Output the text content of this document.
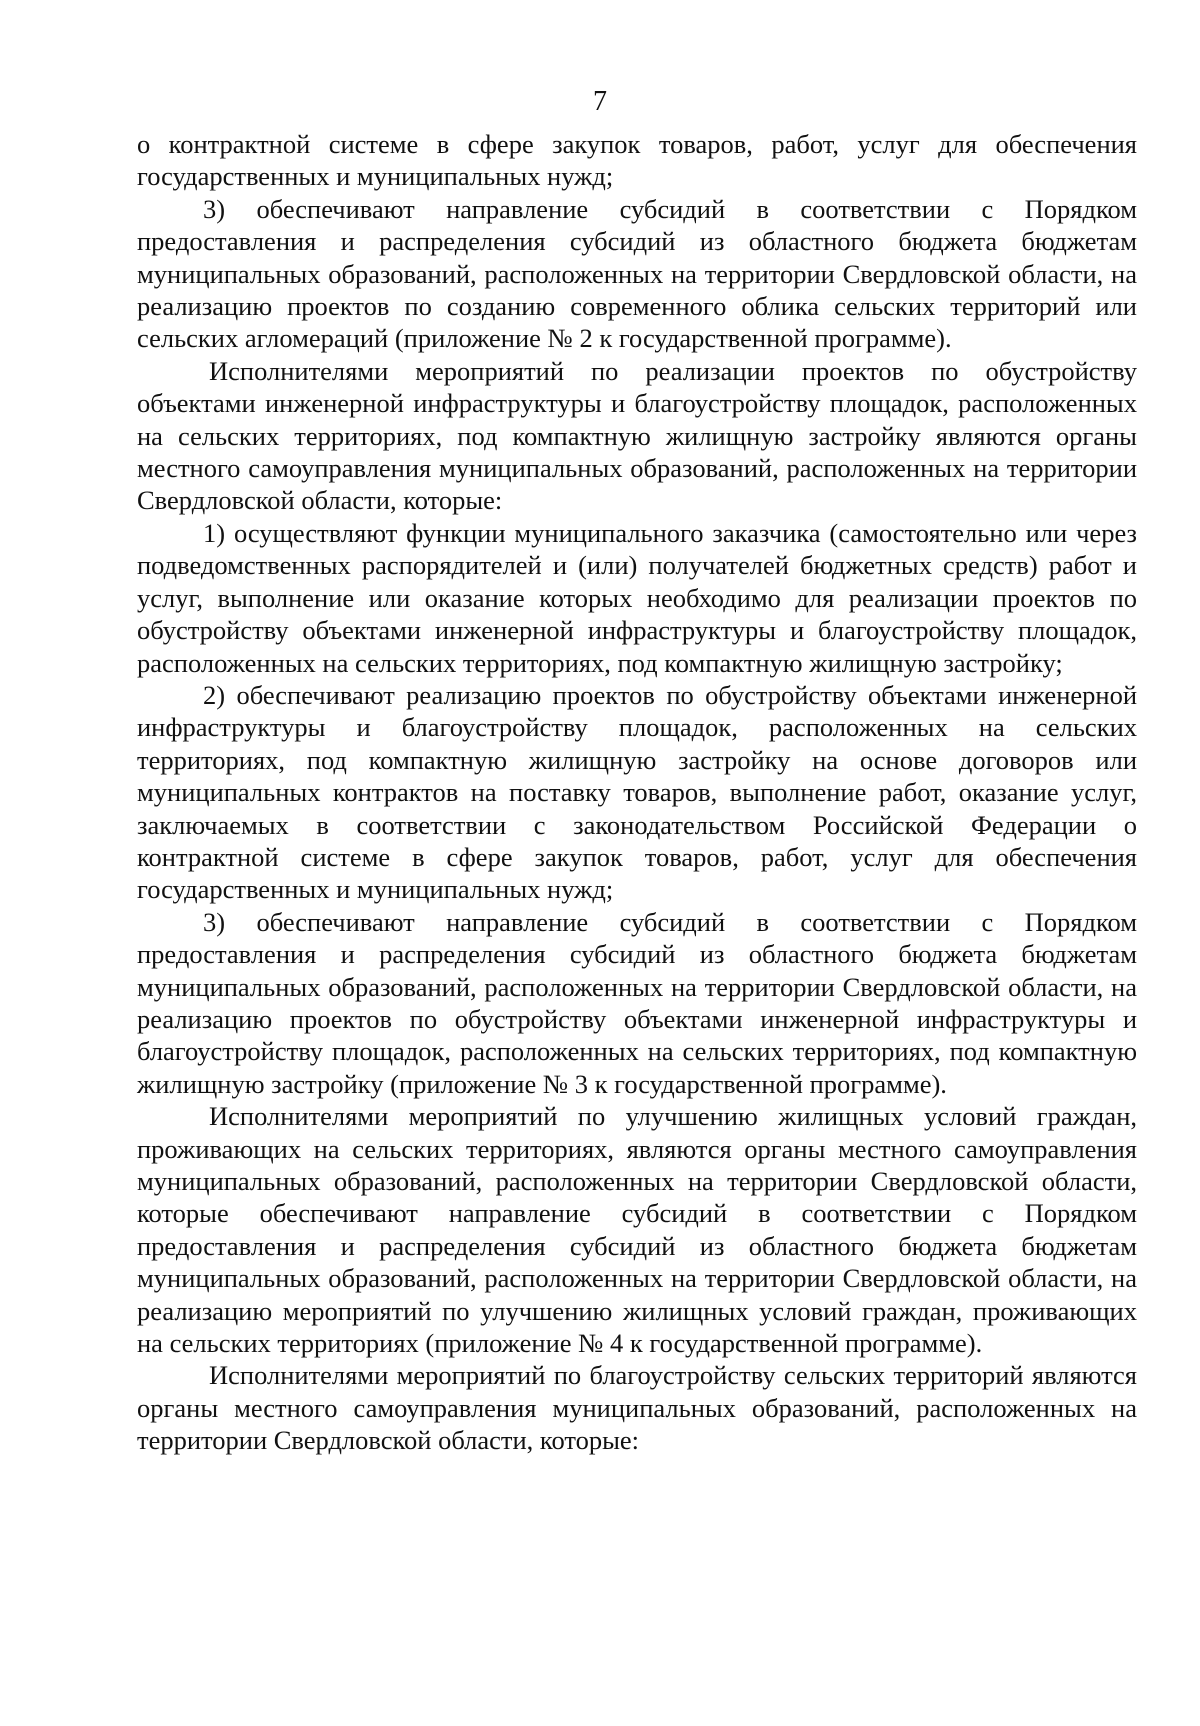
7

о контрактной системе в сфере закупок товаров, работ, услуг для обеспечения государственных и муниципальных нужд;

3) обеспечивают направление субсидий в соответствии с Порядком предоставления и распределения субсидий из областного бюджета бюджетам муниципальных образований, расположенных на территории Свердловской области, на реализацию проектов по созданию современного облика сельских территорий или сельских агломераций (приложение № 2 к государственной программе).

Исполнителями мероприятий по реализации проектов по обустройству объектами инженерной инфраструктуры и благоустройству площадок, расположенных на сельских территориях, под компактную жилищную застройку являются органы местного самоуправления муниципальных образований, расположенных на территории Свердловской области, которые:

1) осуществляют функции муниципального заказчика (самостоятельно или через подведомственных распорядителей и (или) получателей бюджетных средств) работ и услуг, выполнение или оказание которых необходимо для реализации проектов по обустройству объектами инженерной инфраструктуры и благоустройству площадок, расположенных на сельских территориях, под компактную жилищную застройку;

2) обеспечивают реализацию проектов по обустройству объектами инженерной инфраструктуры и благоустройству площадок, расположенных на сельских территориях, под компактную жилищную застройку на основе договоров или муниципальных контрактов на поставку товаров, выполнение работ, оказание услуг, заключаемых в соответствии с законодательством Российской Федерации о контрактной системе в сфере закупок товаров, работ, услуг для обеспечения государственных и муниципальных нужд;

3) обеспечивают направление субсидий в соответствии с Порядком предоставления и распределения субсидий из областного бюджета бюджетам муниципальных образований, расположенных на территории Свердловской области, на реализацию проектов по обустройству объектами инженерной инфраструктуры и благоустройству площадок, расположенных на сельских территориях, под компактную жилищную застройку (приложение № 3 к государственной программе).

Исполнителями мероприятий по улучшению жилищных условий граждан, проживающих на сельских территориях, являются органы местного самоуправления муниципальных образований, расположенных на территории Свердловской области, которые обеспечивают направление субсидий в соответствии с Порядком предоставления и распределения субсидий из областного бюджета бюджетам муниципальных образований, расположенных на территории Свердловской области, на реализацию мероприятий по улучшению жилищных условий граждан, проживающих на сельских территориях (приложение № 4 к государственной программе).

Исполнителями мероприятий по благоустройству сельских территорий являются органы местного самоуправления муниципальных образований, расположенных на территории Свердловской области, которые:
